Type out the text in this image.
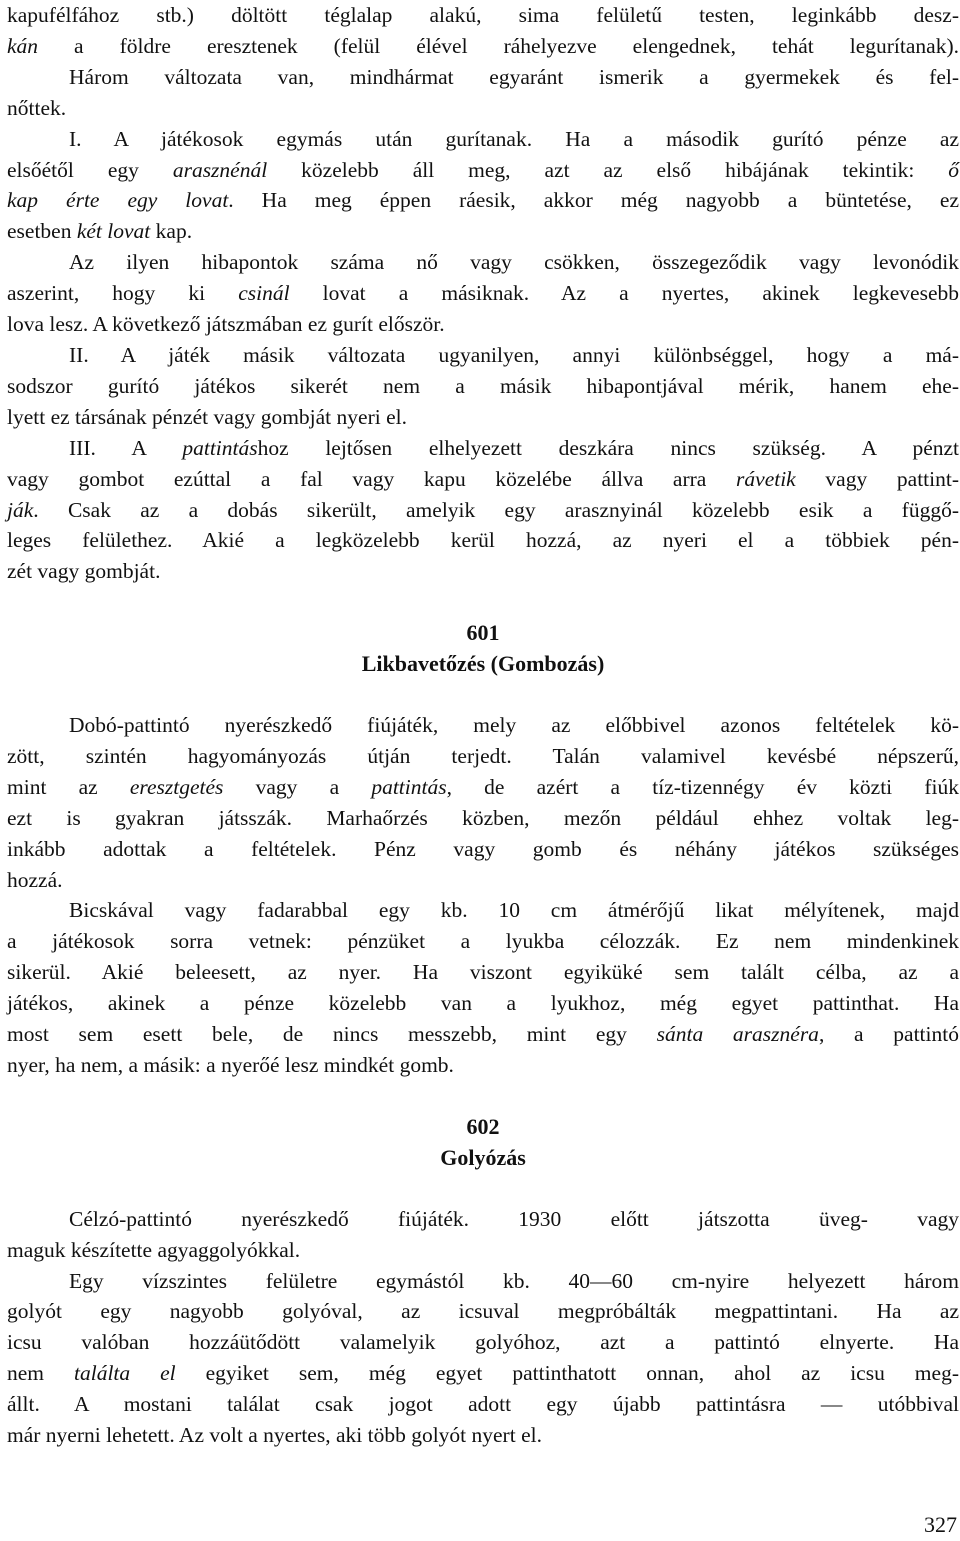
kapufélfához stb.) döltött téglalap alakú, sima felületű testen, leginkább desz-
kán a földre eresztenek (felül élével ráhelyezve elengednek, tehát legurítanak).
Három változata van, mindhármat egyaránt ismerik a gyermekek és fel-
nőttek.
I. A játékosok egymás után gurítanak. Ha a második gurító pénze az
elsőétől egy arasznénál közelebb áll meg, azt az első hibájának tekintik: ő
kap érte egy lovat. Ha meg éppen ráesik, akkor még nagyobb a büntetése, ez
esetben két lovat kap.
Az ilyen hibapontok száma nő vagy csökken, összegeződik vagy levonódik
aszerint, hogy ki csinál lovat a másiknak. Az a nyertes, akinek legkevesebb
lova lesz. A következő játszmában ez gurít először.
II. A játék másik változata ugyanilyen, annyi különbséggel, hogy a má-
sodszor gurító játékos sikerét nem a másik hibapontjával mérik, hanem ehe-
lyett ez társának pénzét vagy gombját nyeri el.
III. A pattintáshoz lejtősen elhelyezett deszkára nincs szükség. A pénzt
vagy gombot ezúttal a fal vagy kapu közelébe állva arra rávetik vagy pattint-
ják. Csak az a dobás sikerült, amelyik egy arasznyinál közelebb esik a függő-
leges felülethez. Akié a legközelebb kerül hozzá, az nyeri el a többiek pén-
zét vagy gombját.
601
Likbavetőzés (Gombozás)
Dobó-pattintó nyerészkedő fiújáték, mely az előbbivel azonos feltételek kö-
zött, szintén hagyományozás útján terjedt. Talán valamivel kevésbé népszerű,
mint az eresztgetés vagy a pattintás, de azért a tíz-tizennégy év közti fiúk
ezt is gyakran játsszák. Marhaőrzés közben, mezőn például ehhez voltak leg-
inkább adottak a feltételek. Pénz vagy gomb és néhány játékos szükséges
hozzá.
Bicskával vagy fadarabbal egy kb. 10 cm átmérőjű likat mélyítenek, majd
a játékosok sorra vetnek: pénzüket a lyukba célozzák. Ez nem mindenkinek
sikerül. Akié beleesett, az nyer. Ha viszont egyiküké sem talált célba, az a
játékos, akinek a pénze közelebb van a lyukhoz, még egyet pattinthat. Ha
most sem esett bele, de nincs messzebb, mint egy sánta arasznéra, a pattintó
nyer, ha nem, a másik: a nyerőé lesz mindkét gomb.
602
Golyózás
Célzó-pattintó nyerészkedő fiújáték. 1930 előtt játszotta üveg- vagy
maguk készítette agyaggolyókkal.
Egy vízszintes felületre egymástól kb. 40—60 cm-nyire helyezett három
golyót egy nagyobb golyóval, az icsuval megpróbálták megpattintani. Ha az
icsu valóban hozzáütődött valamelyik golyóhoz, azt a pattintó elnyerte. Ha
nem találta el egyiket sem, még egyet pattinthatott onnan, ahol az icsu meg-
állt. A mostani találat csak jogot adott egy újabb pattintásra — utóbbival
már nyerni lehetett. Az volt a nyertes, aki több golyót nyert el.
327
